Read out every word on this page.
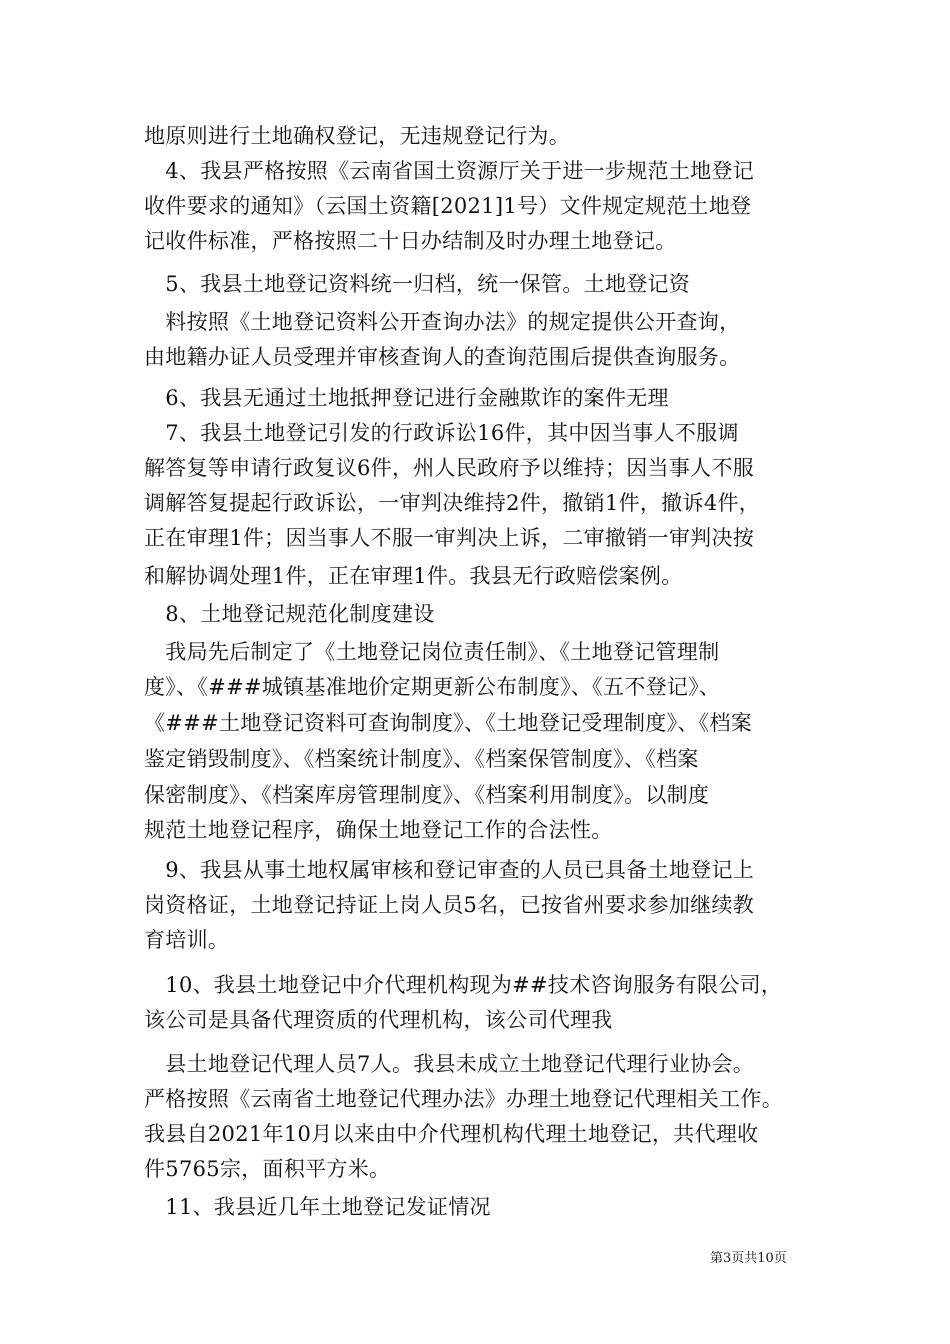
地原则进行土地确权登记，无违规登记行为。
　4、我县严格按照《云南省国土资源厅关于进一步规范土地登记
收件要求的通知》（云国土资籍[2021]1号）文件规定规范土地登
记收件标准，严格按照二十日办结制及时办理土地登记。
　5、我县土地登记资料统一归档，统一保管。土地登记资
　料按照《土地登记资料公开查询办法》的规定提供公开查询，
由地籍办证人员受理并审核查询人的查询范围后提供查询服务。
　6、我县无通过土地抵押登记进行金融欺诈的案件无理
　7、我县土地登记引发的行政诉讼16件，其中因当事人不服调
解答复等申请行政复议6件，州人民政府予以维持；因当事人不服
调解答复提起行政诉讼，一审判决维持2件，撤销1件，撤诉4件，
正在审理1件；因当事人不服一审判决上诉，二审撤销一审判决按
和解协调处理1件，正在审理1件。我县无行政赔偿案例。
　8、土地登记规范化制度建设
　我局先后制定了《土地登记岗位责任制》、《土地登记管理制
度》、《###城镇基准地价定期更新公布制度》、《五不登记》、
《###土地登记资料可查询制度》、《土地登记受理制度》、《档案
鉴定销毁制度》、《档案统计制度》、《档案保管制度》、《档案
保密制度》、《档案库房管理制度》、《档案利用制度》。以制度
规范土地登记程序，确保土地登记工作的合法性。
　9、我县从事土地权属审核和登记审查的人员已具备土地登记上
岗资格证，土地登记持证上岗人员5名，已按省州要求参加继续教
育培训。
　10、我县土地登记中介代理机构现为##技术咨询服务有限公司，
该公司是具备代理资质的代理机构，该公司代理我
　县土地登记代理人员7人。我县未成立土地登记代理行业协会。
严格按照《云南省土地登记代理办法》办理土地登记代理相关工作。
我县自2021年10月以来由中介代理机构代理土地登记，共代理收
件5765宗，面积平方米。
　11、我县近几年土地登记发证情况
第3页共10页
